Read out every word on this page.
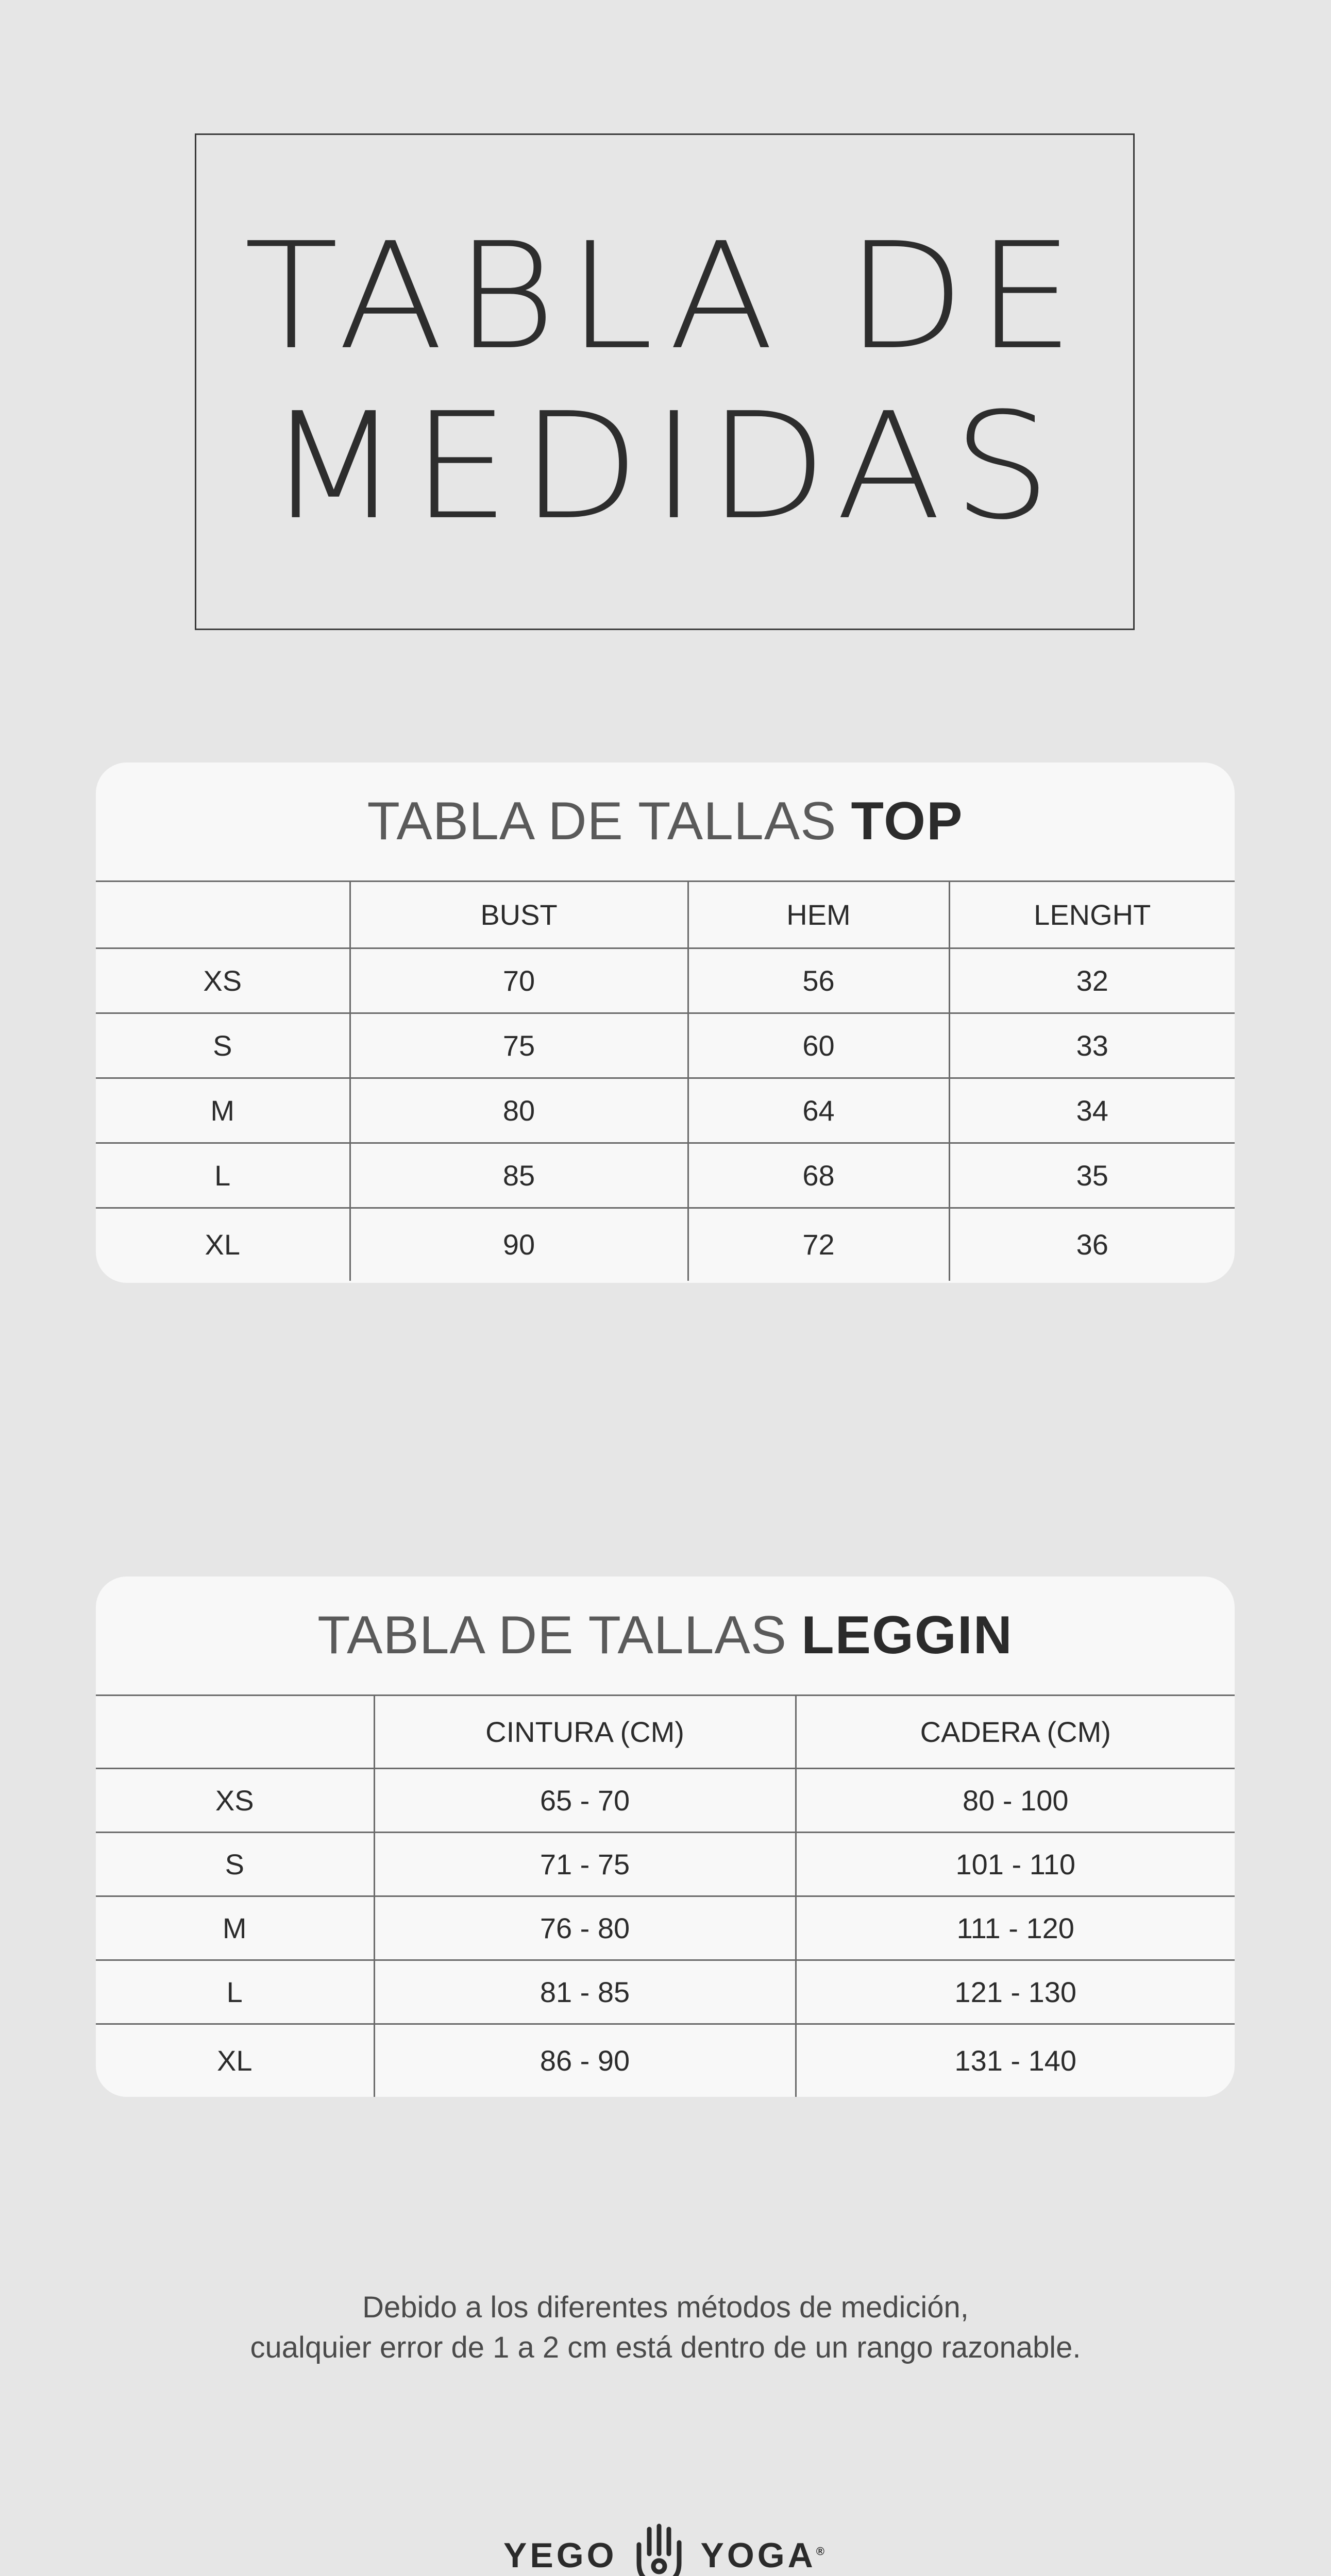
TABLA DE
MEDIDAS
TABLA DE TALLAS TOP
	BUST	HEM	LENGHT
XS	70	56	32
S	75	60	33
M	80	64	34
L	85	68	35
XL	90	72	36
TABLA DE TALLAS LEGGIN
	CINTURA (CM)	CADERA (CM)
XS	65 - 70	80 - 100
S	71 - 75	101 - 110
M	76 - 80	111 - 120
L	81 - 85	121 - 130
XL	86 - 90	131 - 140
Debido a los diferentes métodos de medición,
cualquier error de 1 a 2 cm está dentro de un rango razonable.
YEGO YOGA®
